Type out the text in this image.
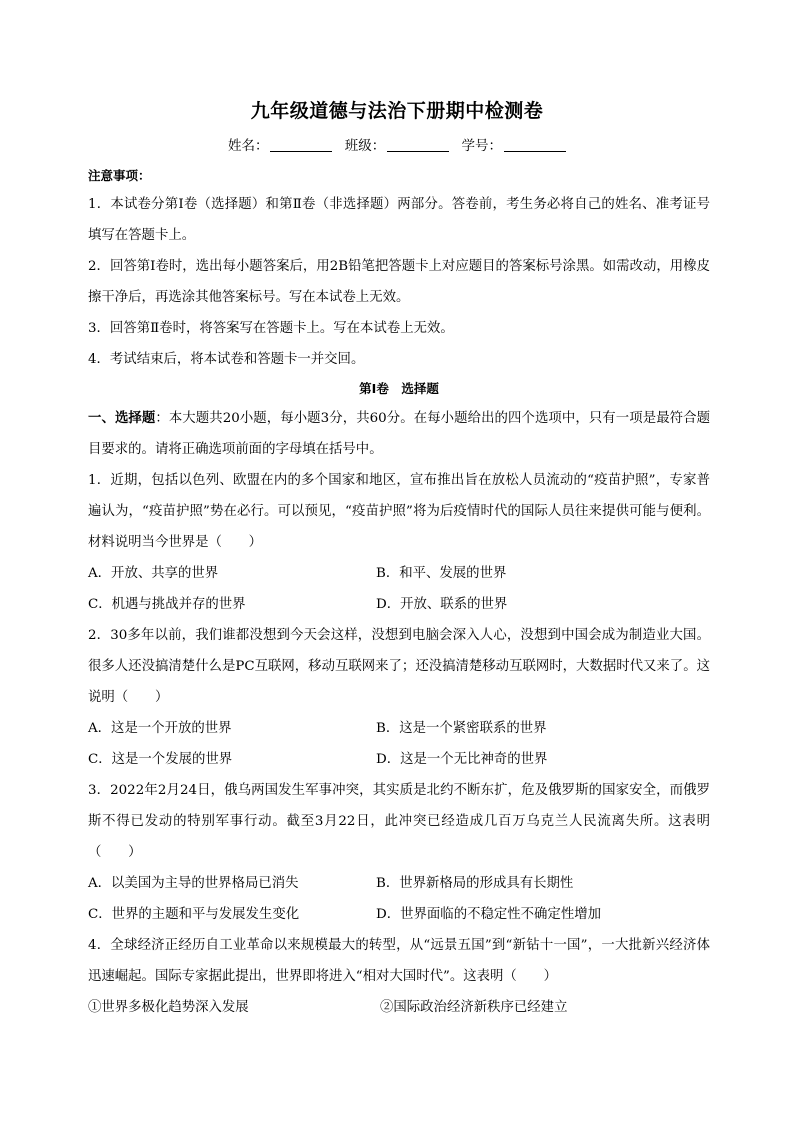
九年级道德与法治下册期中检测卷
姓名：	班级：	学号：
注意事项：
1．本试卷分第Ⅰ卷（选择题）和第Ⅱ卷（非选择题）两部分。答卷前，考生务必将自己的姓名、准考证号填写在答题卡上。
2．回答第Ⅰ卷时，选出每小题答案后，用2B铅笔把答题卡上对应题目的答案标号涂黑。如需改动，用橡皮擦干净后，再选涂其他答案标号。写在本试卷上无效。
3．回答第Ⅱ卷时，将答案写在答题卡上。写在本试卷上无效。
4．考试结束后，将本试卷和答题卡一并交回。
第Ⅰ卷　选择题
一、选择题：本大题共20小题，每小题3分，共60分。在每小题给出的四个选项中，只有一项是最符合题目要求的。请将正确选项前面的字母填在括号中。
1．近期，包括以色列、欧盟在内的多个国家和地区，宣布推出旨在放松人员流动的“疫苗护照”，专家普遍认为，“疫苗护照”势在必行。可以预见，“疫苗护照”将为后疫情时代的国际人员往来提供可能与便利。材料说明当今世界是（　　）
A．开放、共享的世界	B．和平、发展的世界
C．机遇与挑战并存的世界	D．开放、联系的世界
2．30多年以前，我们谁都没想到今天会这样，没想到电脑会深入人心，没想到中国会成为制造业大国。很多人还没搞清楚什么是PC互联网，移动互联网来了；还没搞清楚移动互联网时，大数据时代又来了。这说明（　　）
A．这是一个开放的世界	B．这是一个紧密联系的世界
C．这是一个发展的世界	D．这是一个无比神奇的世界
3．2022年2月24日，俄乌两国发生军事冲突，其实质是北约不断东扩，危及俄罗斯的国家安全，而俄罗斯不得已发动的特别军事行动。截至3月22日，此冲突已经造成几百万乌克兰人民流离失所。这表明（　　）
A．以美国为主导的世界格局已消失	B．世界新格局的形成具有长期性
C．世界的主题和平与发展发生变化	D．世界面临的不稳定性不确定性增加
4．全球经济正经历自工业革命以来规模最大的转型，从“远景五国”到“新钻十一国”，一大批新兴经济体迅速崛起。国际专家据此提出，世界即将进入“相对大国时代”。这表明（　　）
①世界多极化趋势深入发展	②国际政治经济新秩序已经建立
